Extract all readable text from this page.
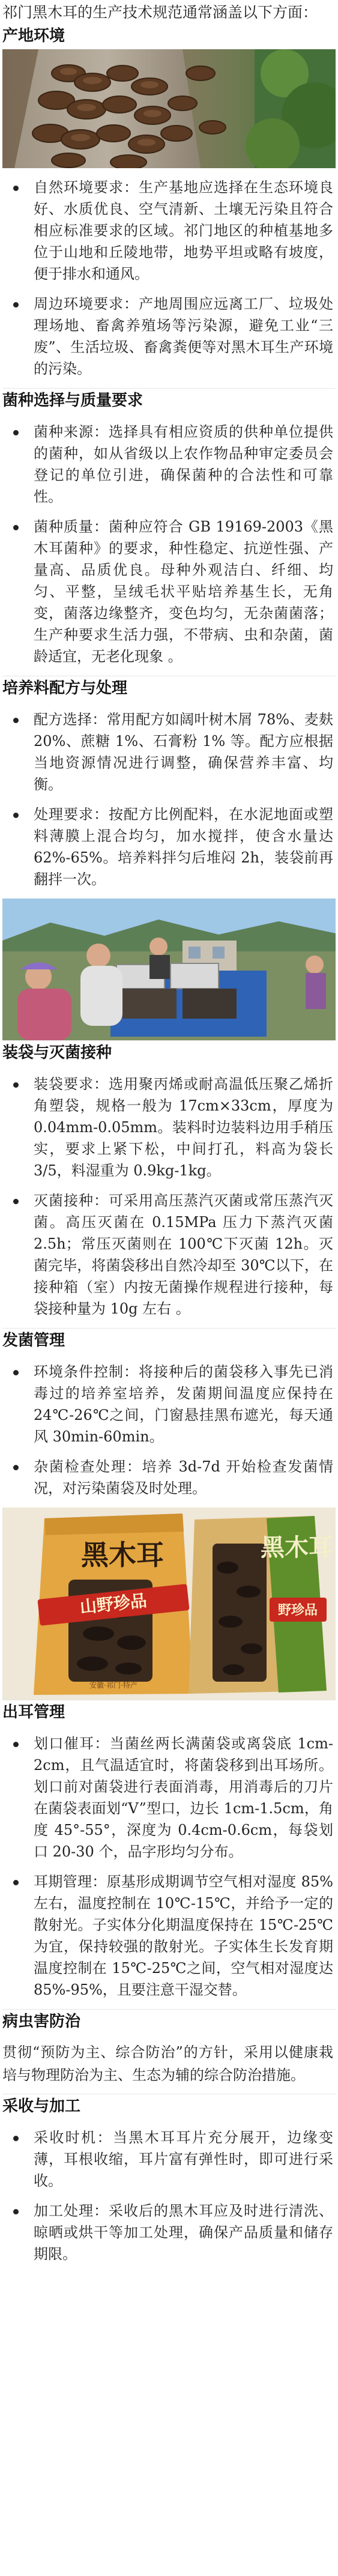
祁门黑木耳的生产技术规范通常涵盖以下方面：

产地环境
自然环境要求：生产基地应选择在生态环境良好、水质优良、空气清新、土壤无污染且符合相应标准要求的区域。祁门地区的种植基地多位于山地和丘陵地带，地势平坦或略有坡度，便于排水和通风。
周边环境要求：产地周围应远离工厂、垃圾处理场地、畜禽养殖场等污染源，避免工业“三废”、生活垃圾、畜禽粪便等对黑木耳生产环境的污染。
菌种选择与质量要求
菌种来源：选择具有相应资质的供种单位提供的菌种，如从省级以上农作物品种审定委员会登记的单位引进，确保菌种的合法性和可靠性。
菌种质量：菌种应符合 GB 19169-2003《黑木耳菌种》的要求，种性稳定、抗逆性强、产量高、品质优良。母种外观洁白、纤细、均匀、平整，呈绒毛状平贴培养基生长，无角变，菌落边缘整齐，变色均匀，无杂菌菌落；生产种要求生活力强，不带病、虫和杂菌，菌龄适宜，无老化现象 。
培养料配方与处理
配方选择：常用配方如阔叶树木屑 78%、麦麸 20%、蔗糖 1%、石膏粉 1% 等。配方应根据当地资源情况进行调整，确保营养丰富、均衡。
处理要求：按配方比例配料，在水泥地面或塑料薄膜上混合均匀，加水搅拌，使含水量达 62%-65%。培养料拌匀后堆闷 2h，装袋前再翻拌一次。
装袋与灭菌接种
装袋要求：选用聚丙烯或耐高温低压聚乙烯折角塑袋，规格一般为 17cm×33cm，厚度为 0.04mm-0.05mm。装料时边装料边用手稍压实，要求上紧下松，中间打孔，料高为袋长 3/5，料湿重为 0.9kg-1kg。
灭菌接种：可采用高压蒸汽灭菌或常压蒸汽灭菌。高压灭菌在 0.15MPa 压力下蒸汽灭菌 2.5h；常压灭菌则在 100℃下灭菌 12h。灭菌完毕，将菌袋移出自然冷却至 30℃以下，在接种箱（室）内按无菌操作规程进行接种，每袋接种量为 10g 左右 。
发菌管理
环境条件控制：将接种后的菌袋移入事先已消毒过的培养室培养，发菌期间温度应保持在 24℃-26℃之间，门窗悬挂黑布遮光，每天通风 30min-60min。
杂菌检查处理：培养 3d-7d 开始检查发菌情况，对污染菌袋及时处理。
山野珍品
黑木耳
安徽·祁门·特产
黑木耳
野珍品
出耳管理
划口催耳：当菌丝两长满菌袋或离袋底 1cm-2cm，且气温适宜时，将菌袋移到出耳场所。划口前对菌袋进行表面消毒，用消毒后的刀片在菌袋表面划“V”型口，边长 1cm-1.5cm，角度 45°-55°，深度为 0.4cm-0.6cm，每袋划口 20-30 个，品字形均匀分布。
耳期管理：原基形成期调节空气相对湿度 85%左右，温度控制在 10℃-15℃，并给予一定的散射光。子实体分化期温度保持在 15℃-25℃为宜，保持较强的散射光。子实体生长发育期温度控制在 15℃-25℃之间，空气相对湿度达 85%-95%，且要注意干湿交替。
病虫害防治

贯彻“预防为主、综合防治”的方针，采用以健康栽培与物理防治为主、生态为辅的综合防治措施。

采收与加工
采收时机：当黑木耳耳片充分展开，边缘变薄，耳根收缩，耳片富有弹性时，即可进行采收。
加工处理：采收后的黑木耳应及时进行清洗、晾晒或烘干等加工处理，确保产品质量和储存期限。
